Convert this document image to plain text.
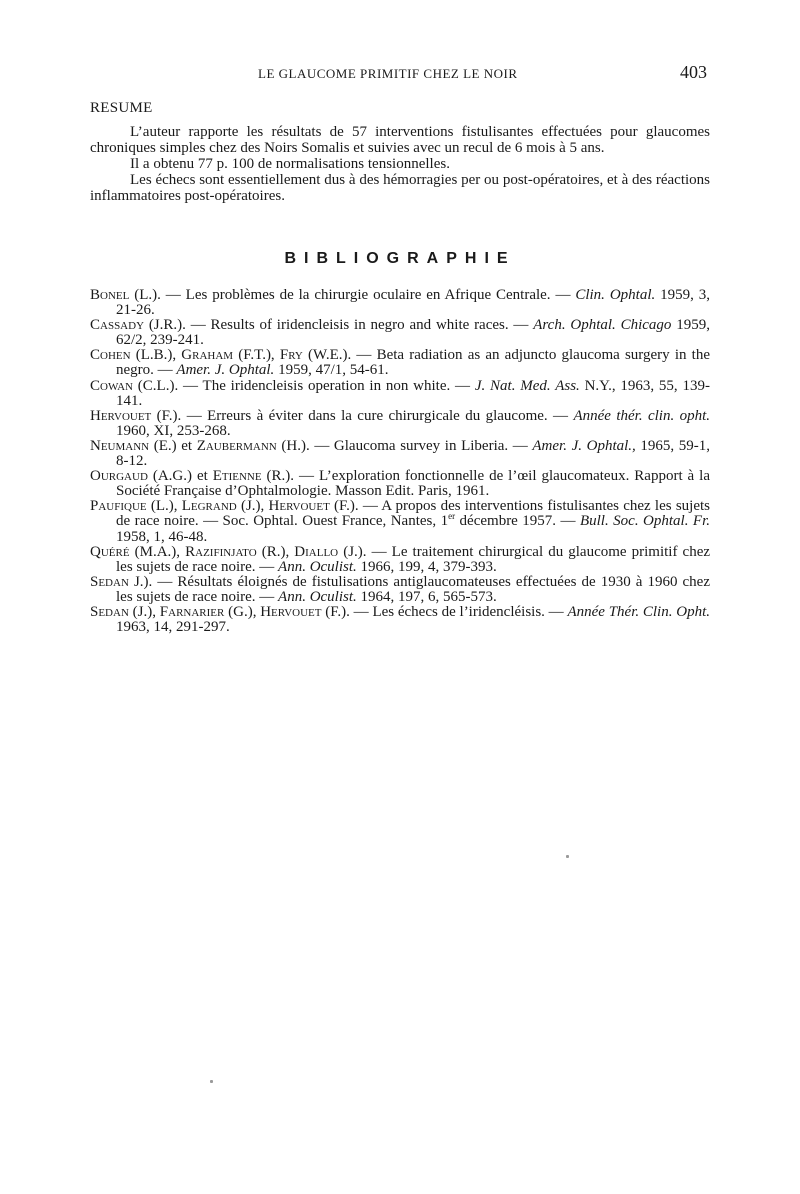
LE GLAUCOME PRIMITIF CHEZ LE NOIR	403
RESUME

L’auteur rapporte les résultats de 57 interventions fistulisantes effectuées pour glaucomes chroniques simples chez des Noirs Somalis et suivies avec un recul de 6 mois à 5 ans.

Il a obtenu 77 p. 100 de normalisations tensionnelles.

Les échecs sont essentiellement dus à des hémorragies per ou post-opératoires, et à des réactions inflammatoires post-opératoires.

BIBLIOGRAPHIE
Bonel (L.). — Les problèmes de la chirurgie oculaire en Afrique Centrale. — Clin. Ophtal. 1959, 3, 21-26.
Cassady (J.R.). — Results of iridencleisis in negro and white races. — Arch. Ophtal. Chicago 1959, 62/2, 239-241.
Cohen (L.B.), Graham (F.T.), Fry (W.E.). — Beta radiation as an adjuncto glaucoma surgery in the negro. — Amer. J. Ophtal. 1959, 47/1, 54-61.
Cowan (C.L.). — The iridencleisis operation in non white. — J. Nat. Med. Ass. N.Y., 1963, 55, 139-141.
Hervouet (F.). — Erreurs à éviter dans la cure chirurgicale du glaucome. — Année thér. clin. opht. 1960, XI, 253-268.
Neumann (E.) et Zaubermann (H.). — Glaucoma survey in Liberia. — Amer. J. Ophtal., 1965, 59-1, 8-12.
Ourgaud (A.G.) et Etienne (R.). — L’exploration fonctionnelle de l’œil glaucomateux. Rapport à la Société Française d’Ophtalmologie. Masson Edit. Paris, 1961.
Paufique (L.), Legrand (J.), Hervouet (F.). — A propos des interventions fistulisantes chez les sujets de race noire. — Soc. Ophtal. Ouest France, Nantes, 1er décembre 1957. — Bull. Soc. Ophtal. Fr. 1958, 1, 46-48.
Quéré (M.A.), Razifinjato (R.), Diallo (J.). — Le traitement chirurgical du glaucome primitif chez les sujets de race noire. — Ann. Oculist. 1966, 199, 4, 379-393.
Sedan J.). — Résultats éloignés de fistulisations antiglaucomateuses effectuées de 1930 à 1960 chez les sujets de race noire. — Ann. Oculist. 1964, 197, 6, 565-573.
Sedan (J.), Farnarier (G.), Hervouet (F.). — Les échecs de l’iridencléisis. — Année Thér. Clin. Opht. 1963, 14, 291-297.
